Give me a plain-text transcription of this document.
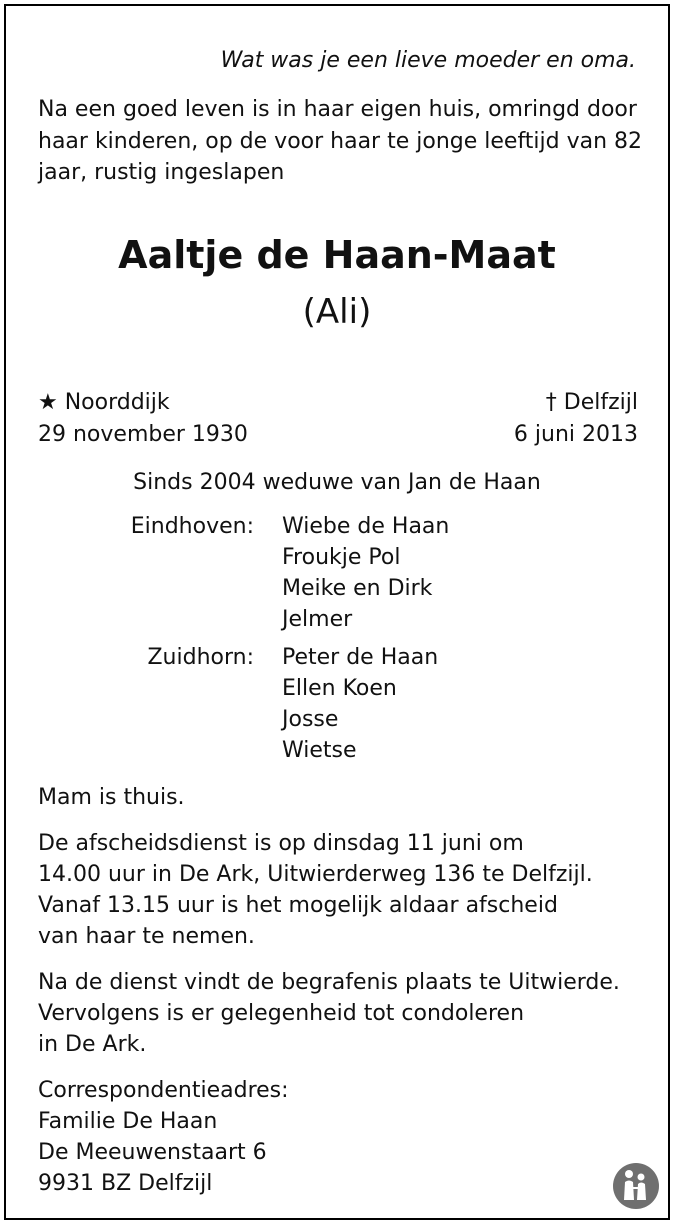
Wat was je een lieve moeder en oma.
Na een goed leven is in haar eigen huis, omringd door haar kinderen, op de voor haar te jonge leeftijd van 82 jaar, rustig ingeslapen
Aaltje de Haan-Maat
(Ali)
★ Noorddijk
29 november 1930
† Delfzijl
6 juni 2013
Sinds 2004 weduwe van Jan de Haan
Eindhoven: Wiebe de Haan
Froukje Pol
Meike en Dirk
Jelmer
Zuidhorn: Peter de Haan
Ellen Koen
Josse
Wietse
Mam is thuis.
De afscheidsdienst is op dinsdag 11 juni om
14.00 uur in De Ark, Uitwierderweg 136 te Delfzijl.
Vanaf 13.15 uur is het mogelijk aldaar afscheid
van haar te nemen.
Na de dienst vindt de begrafenis plaats te Uitwierde.
Vervolgens is er gelegenheid tot condoleren
in De Ark.
Correspondentieadres:
Familie De Haan
De Meeuwenstaart 6
9931 BZ Delfzijl
